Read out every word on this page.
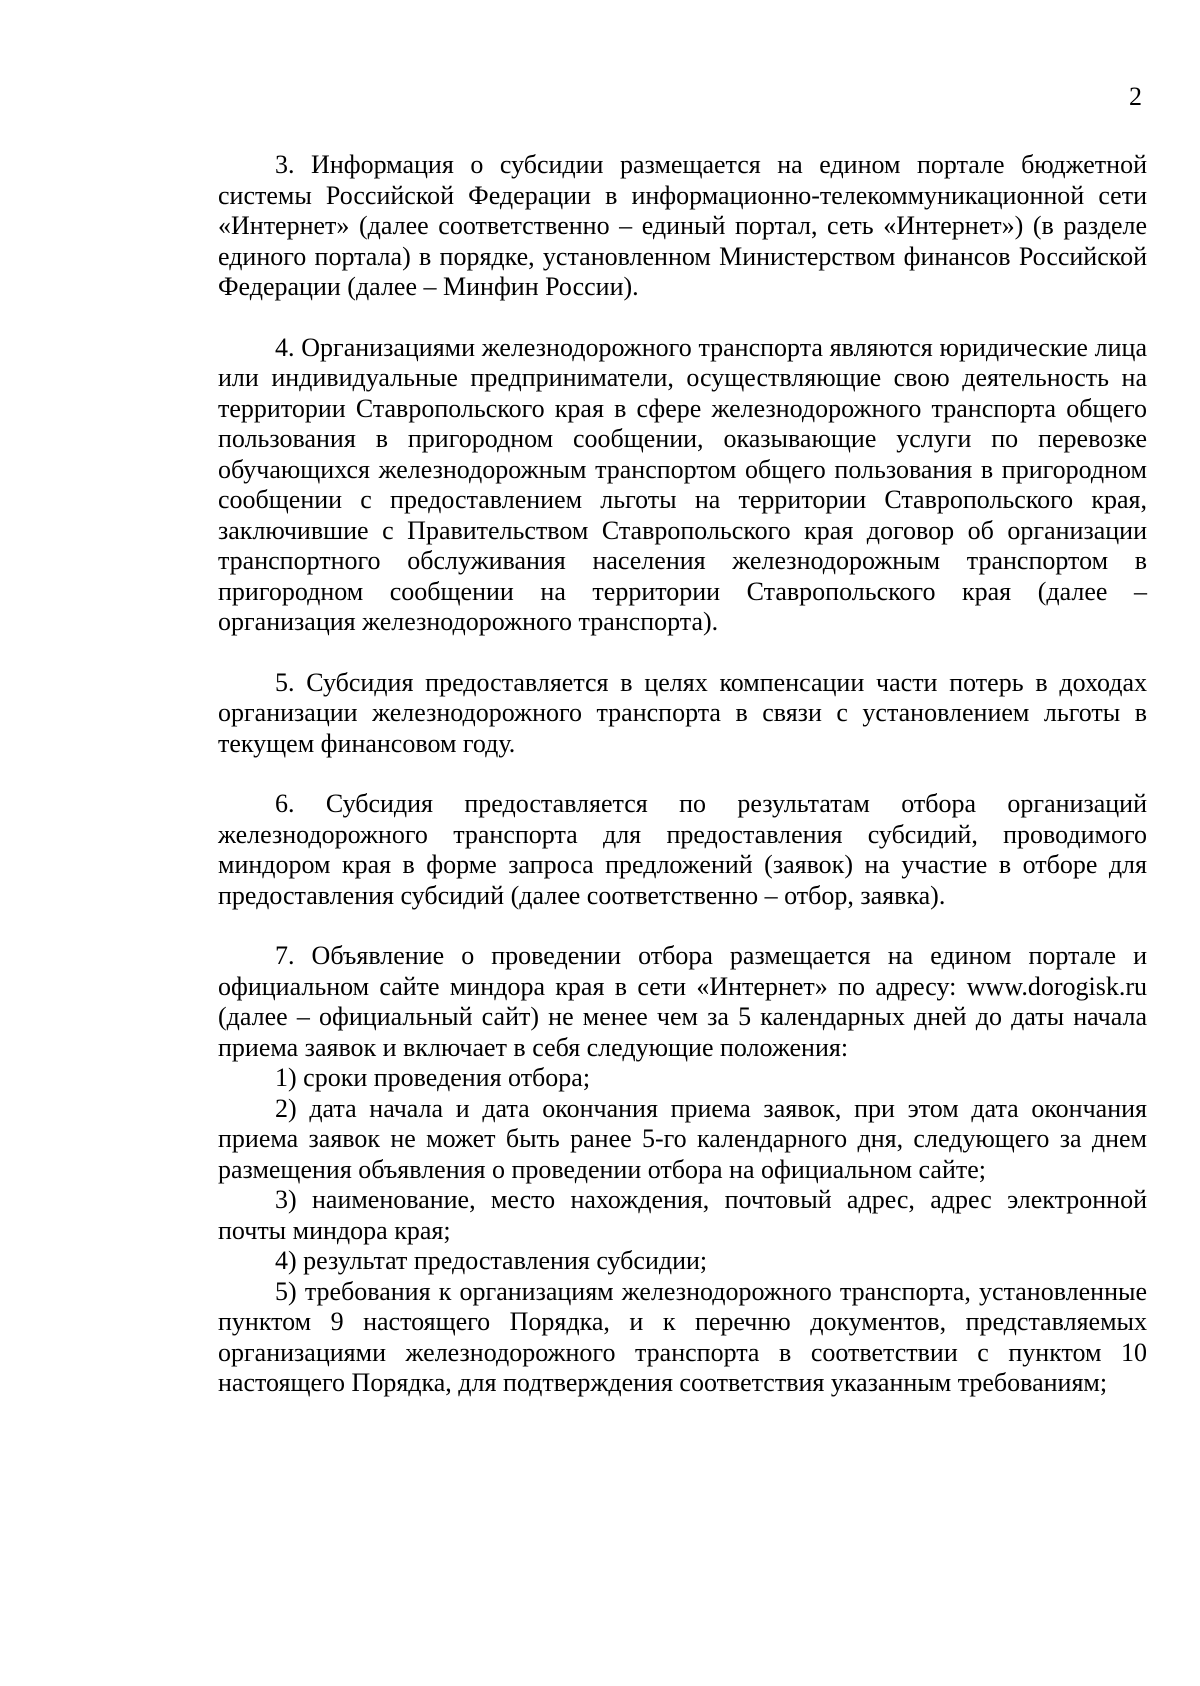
2

3. Информация о субсидии размещается на едином портале бюджетной системы Российской Федерации в информационно-телекоммуникационной сети «Интернет» (далее соответственно – единый портал, сеть «Интернет») (в разделе единого портала) в порядке, установленном Министерством финансов Российской Федерации (далее – Минфин России).

4. Организациями железнодорожного транспорта являются юридические лица или индивидуальные предприниматели, осуществляющие свою деятельность на территории Ставропольского края в сфере железнодорожного транспорта общего пользования в пригородном сообщении, оказывающие услуги по перевозке обучающихся железнодорожным транспортом общего пользования в пригородном сообщении с предоставлением льготы на территории Ставропольского края, заключившие с Правительством Ставропольского края договор об организации транспортного обслуживания населения железнодорожным транспортом в пригородном сообщении на территории Ставропольского края (далее – организация железнодорожного транспорта).

5. Субсидия предоставляется в целях компенсации части потерь в доходах организации железнодорожного транспорта в связи с установлением льготы в текущем финансовом году.

6. Субсидия предоставляется по результатам отбора организаций железнодорожного транспорта для предоставления субсидий, проводимого миндором края в форме запроса предложений (заявок) на участие в отборе для предоставления субсидий (далее соответственно – отбор, заявка).

7. Объявление о проведении отбора размещается на едином портале и официальном сайте миндора края в сети «Интернет» по адресу: www.dorogisk.ru (далее – официальный сайт) не менее чем за 5 календарных дней до даты начала приема заявок и включает в себя следующие положения:

1) сроки проведения отбора;

2) дата начала и дата окончания приема заявок, при этом дата окончания приема заявок не может быть ранее 5-го календарного дня, следующего за днем размещения объявления о проведении отбора на официальном сайте;

3) наименование, место нахождения, почтовый адрес, адрес электронной почты миндора края;

4) результат предоставления субсидии;

5) требования к организациям железнодорожного транспорта, установленные пунктом 9 настоящего Порядка, и к перечню документов, представляемых организациями железнодорожного транспорта в соответствии с пунктом 10 настоящего Порядка, для подтверждения соответствия указанным требованиям;
